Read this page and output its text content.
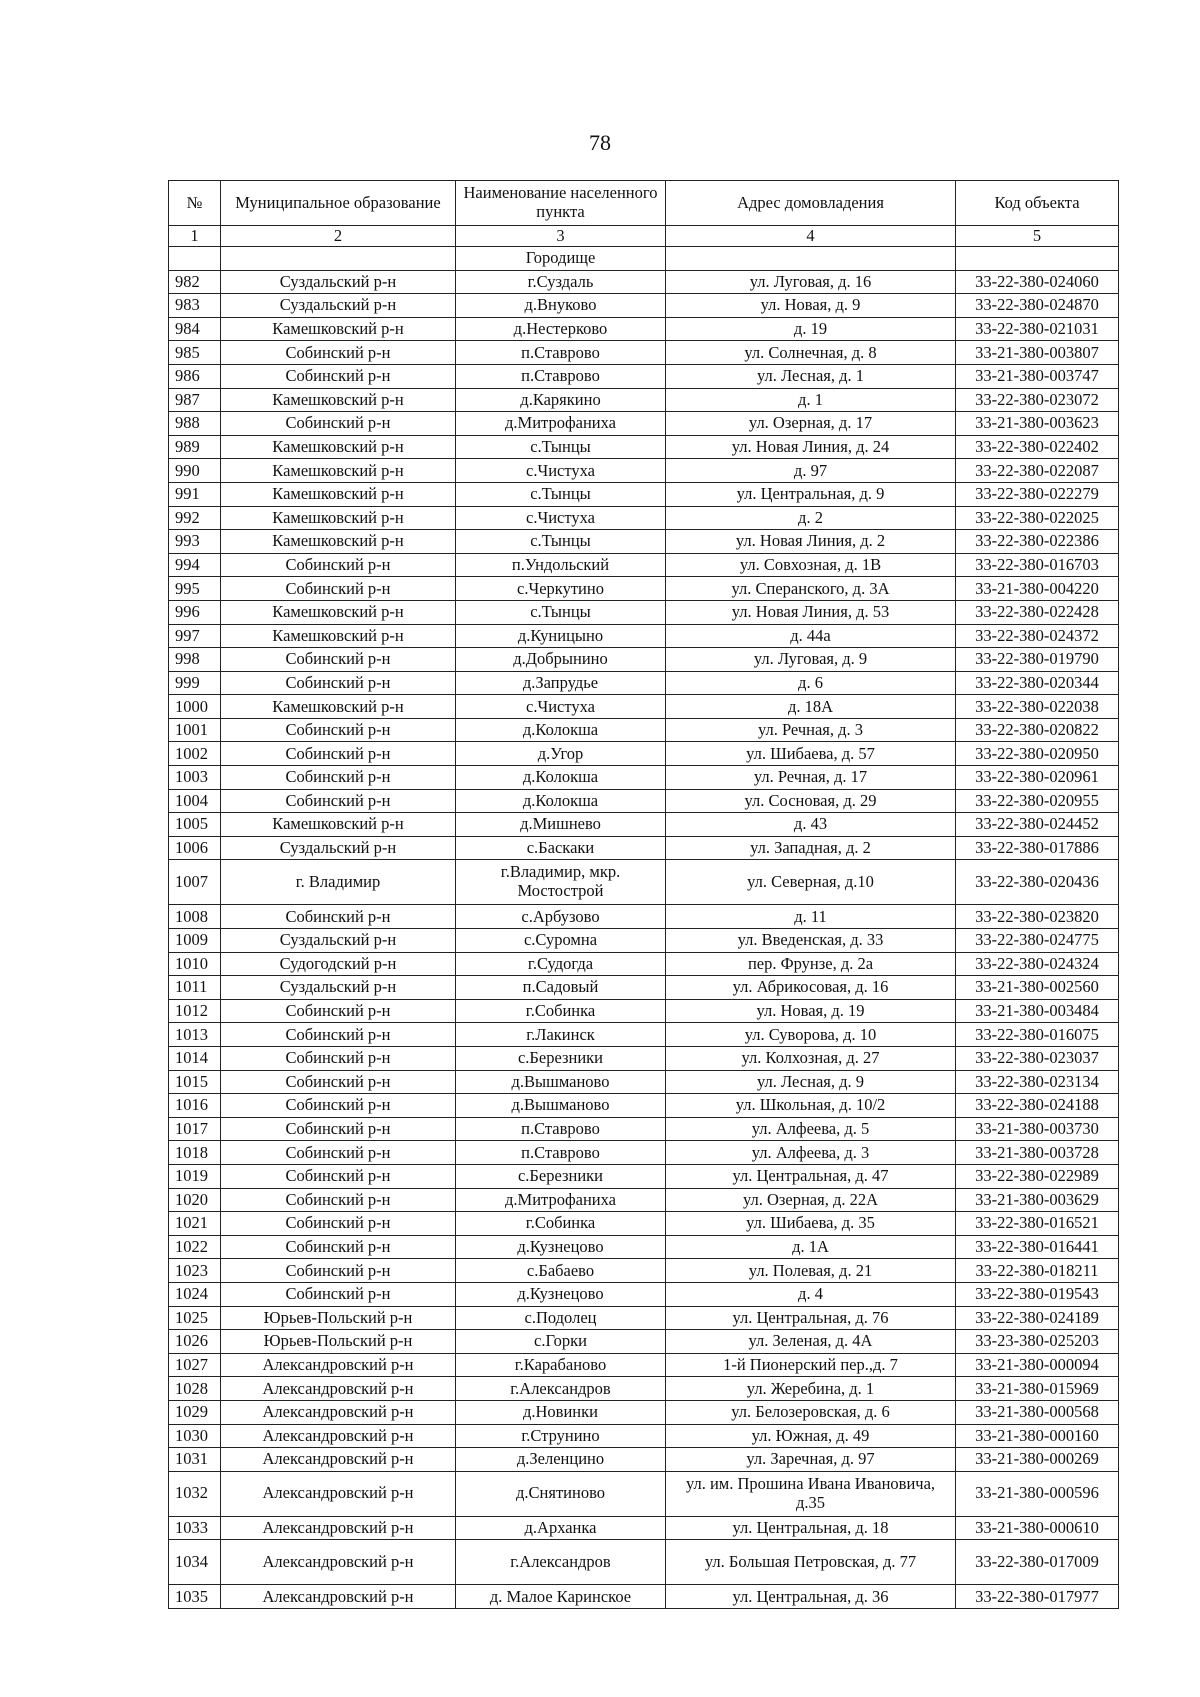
78
№	Муниципальное образование	Наименование населенного пункта	Адрес домовладения	Код объекта
1	2	3	4	5
		Городище		
982	Суздальский р-н	г.Суздаль	ул. Луговая, д. 16	33-22-380-024060
983	Суздальский р-н	д.Внуково	ул. Новая, д. 9	33-22-380-024870
984	Камешковский р-н	д.Нестерково	д. 19	33-22-380-021031
985	Собинский р-н	п.Ставрово	ул. Солнечная, д. 8	33-21-380-003807
986	Собинский р-н	п.Ставрово	ул. Лесная, д. 1	33-21-380-003747
987	Камешковский р-н	д.Карякино	д. 1	33-22-380-023072
988	Собинский р-н	д.Митрофаниха	ул. Озерная, д. 17	33-21-380-003623
989	Камешковский р-н	с.Тынцы	ул. Новая Линия, д. 24	33-22-380-022402
990	Камешковский р-н	с.Чистуха	д. 97	33-22-380-022087
991	Камешковский р-н	с.Тынцы	ул. Центральная, д. 9	33-22-380-022279
992	Камешковский р-н	с.Чистуха	д. 2	33-22-380-022025
993	Камешковский р-н	с.Тынцы	ул. Новая Линия, д. 2	33-22-380-022386
994	Собинский р-н	п.Ундольский	ул. Совхозная, д. 1В	33-22-380-016703
995	Собинский р-н	с.Черкутино	ул. Сперанского, д. 3А	33-21-380-004220
996	Камешковский р-н	с.Тынцы	ул. Новая Линия, д. 53	33-22-380-022428
997	Камешковский р-н	д.Куницыно	д. 44а	33-22-380-024372
998	Собинский р-н	д.Добрынино	ул. Луговая, д. 9	33-22-380-019790
999	Собинский р-н	д.Запрудье	д. 6	33-22-380-020344
1000	Камешковский р-н	с.Чистуха	д. 18А	33-22-380-022038
1001	Собинский р-н	д.Колокша	ул. Речная, д. 3	33-22-380-020822
1002	Собинский р-н	д.Угор	ул. Шибаева, д. 57	33-22-380-020950
1003	Собинский р-н	д.Колокша	ул. Речная, д. 17	33-22-380-020961
1004	Собинский р-н	д.Колокша	ул. Сосновая, д. 29	33-22-380-020955
1005	Камешковский р-н	д.Мишнево	д. 43	33-22-380-024452
1006	Суздальский р-н	с.Баскаки	ул. Западная, д. 2	33-22-380-017886
1007	г. Владимир	г.Владимир, мкр. Мостострой	ул. Северная, д.10	33-22-380-020436
1008	Собинский р-н	с.Арбузово	д. 11	33-22-380-023820
1009	Суздальский р-н	с.Суромна	ул. Введенская, д. 33	33-22-380-024775
1010	Судогодский р-н	г.Судогда	пер. Фрунзе, д. 2а	33-22-380-024324
1011	Суздальский р-н	п.Садовый	ул. Абрикосовая, д. 16	33-21-380-002560
1012	Собинский р-н	г.Собинка	ул. Новая, д. 19	33-21-380-003484
1013	Собинский р-н	г.Лакинск	ул. Суворова, д. 10	33-22-380-016075
1014	Собинский р-н	с.Березники	ул. Колхозная, д. 27	33-22-380-023037
1015	Собинский р-н	д.Вышманово	ул. Лесная, д. 9	33-22-380-023134
1016	Собинский р-н	д.Вышманово	ул. Школьная, д. 10/2	33-22-380-024188
1017	Собинский р-н	п.Ставрово	ул. Алфеева, д. 5	33-21-380-003730
1018	Собинский р-н	п.Ставрово	ул. Алфеева, д. 3	33-21-380-003728
1019	Собинский р-н	с.Березники	ул. Центральная, д. 47	33-22-380-022989
1020	Собинский р-н	д.Митрофаниха	ул. Озерная, д. 22А	33-21-380-003629
1021	Собинский р-н	г.Собинка	ул. Шибаева, д. 35	33-22-380-016521
1022	Собинский р-н	д.Кузнецово	д. 1А	33-22-380-016441
1023	Собинский р-н	с.Бабаево	ул. Полевая, д. 21	33-22-380-018211
1024	Собинский р-н	д.Кузнецово	д. 4	33-22-380-019543
1025	Юрьев-Польский р-н	с.Подолец	ул. Центральная, д. 76	33-22-380-024189
1026	Юрьев-Польский р-н	с.Горки	ул. Зеленая, д. 4А	33-23-380-025203
1027	Александровский р-н	г.Карабаново	1-й Пионерский пер.,д. 7	33-21-380-000094
1028	Александровский р-н	г.Александров	ул. Жеребина, д. 1	33-21-380-015969
1029	Александровский р-н	д.Новинки	ул. Белозеровская, д. 6	33-21-380-000568
1030	Александровский р-н	г.Струнино	ул. Южная, д. 49	33-21-380-000160
1031	Александровский р-н	д.Зеленцино	ул. Заречная, д. 97	33-21-380-000269
1032	Александровский р-н	д.Снятиново	ул. им. Прошина Ивана Ивановича, д.35	33-21-380-000596
1033	Александровский р-н	д.Арханка	ул. Центральная, д. 18	33-21-380-000610
1034	Александровский р-н	г.Александров	ул. Большая Петровская, д. 77	33-22-380-017009
1035	Александровский р-н	д. Малое Каринское	ул. Центральная, д. 36	33-22-380-017977
